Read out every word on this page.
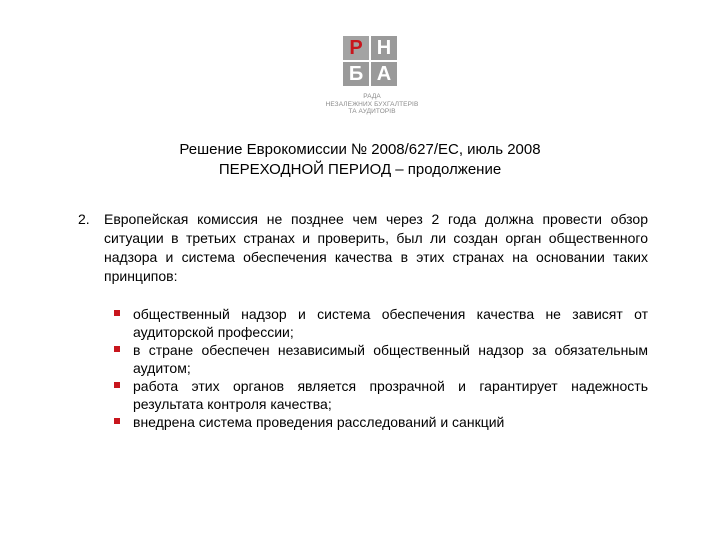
Р Н
Б А
РАДА
НЕЗАЛЕЖНИХ БУХГАЛТЕРІВ
ТА АУДИТОРІВ
Решение Еврокомиссии № 2008/627/ЕС, июль 2008
ПЕРЕХОДНОЙ ПЕРИОД – продолжение
2. Европейская комиссия не позднее чем через 2 года должна провести обзор ситуации в третьих странах и проверить, был ли создан орган общественного надзора и система обеспечения качества в этих странах на основании таких принципов:
общественный надзор и система обеспечения качества не зависят от аудиторской профессии;
в стране обеспечен независимый общественный надзор за обязательным аудитом;
работа этих органов является прозрачной и гарантирует надежность результата контроля качества;
внедрена система проведения расследований и санкций
